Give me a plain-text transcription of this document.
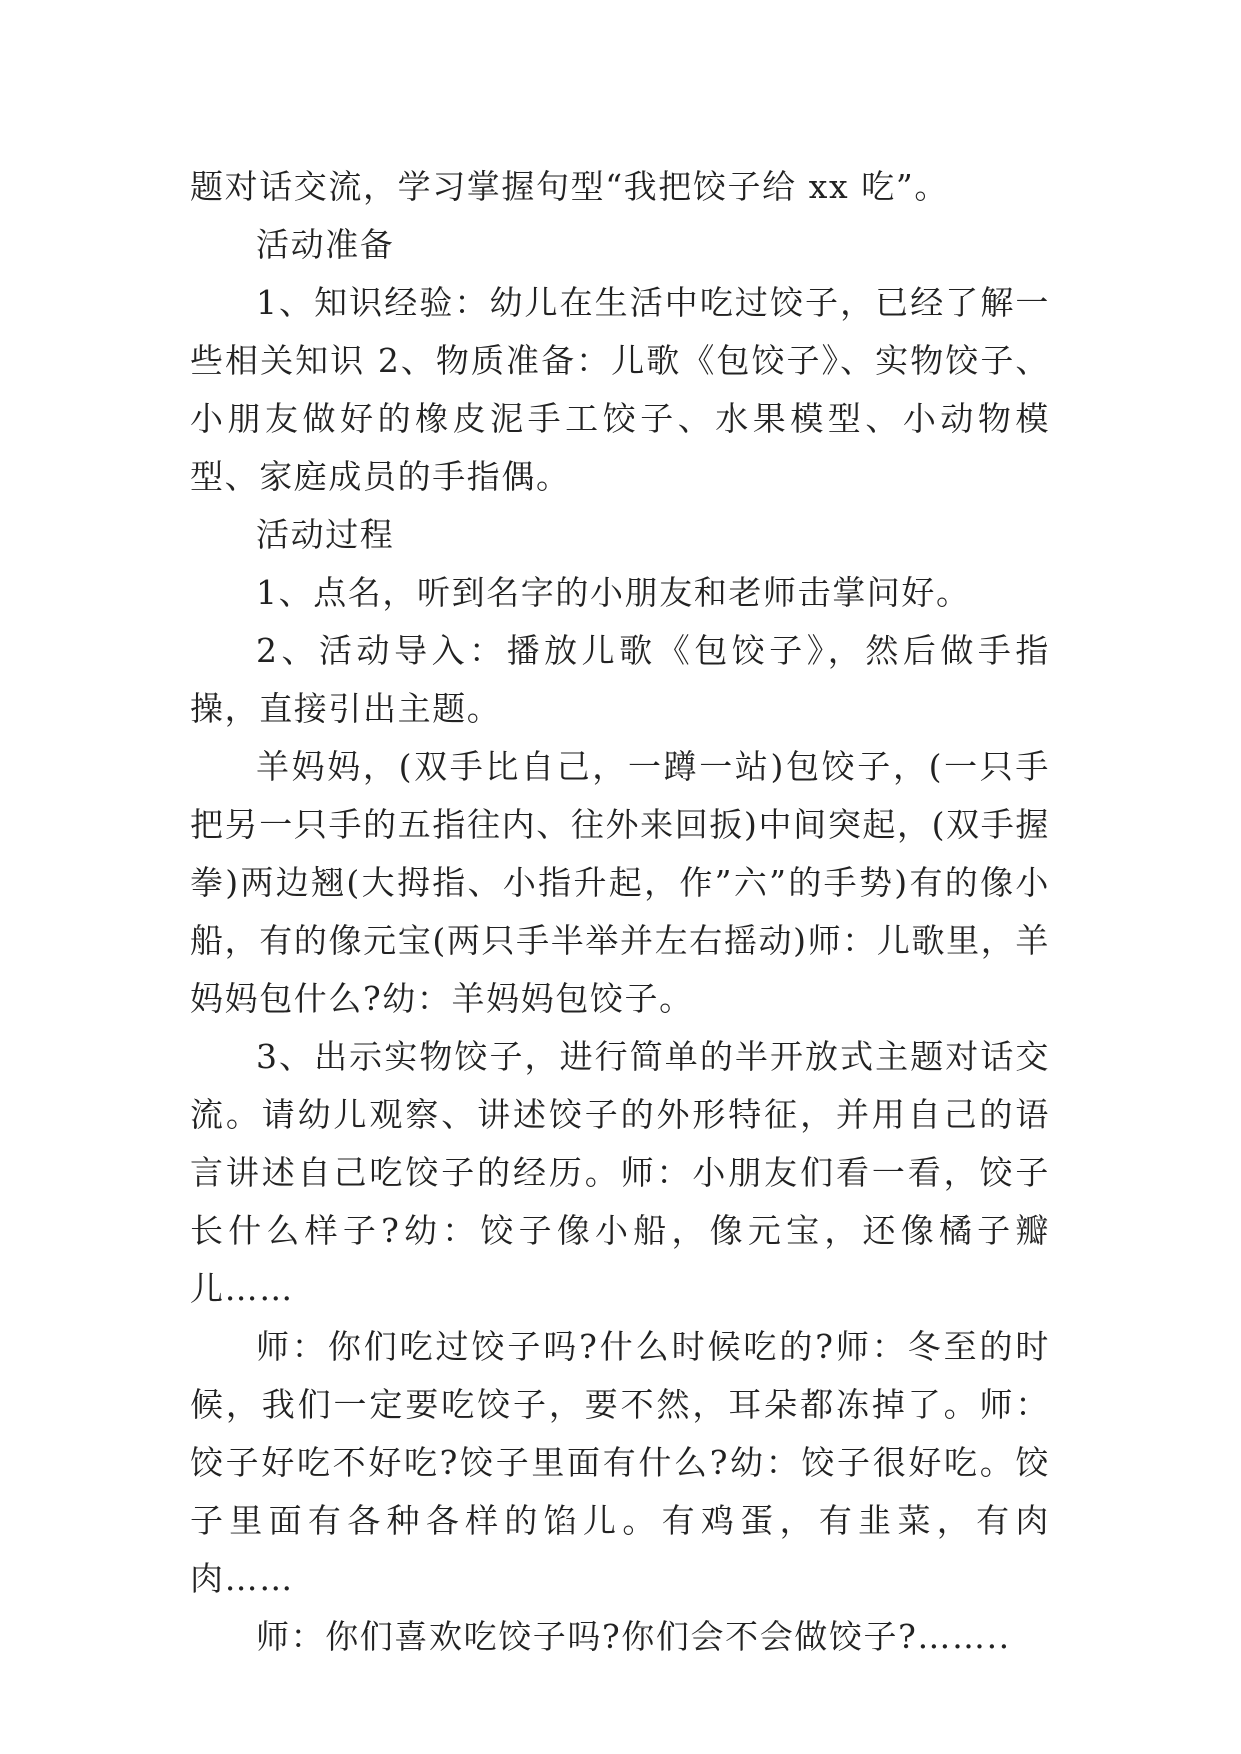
题对话交流，学习掌握句型“我把饺子给 xx 吃”。

活动准备

1、知识经验：幼儿在生活中吃过饺子，已经了解一些相关知识 2、物质准备：儿歌《包饺子》、实物饺子、小朋友做好的橡皮泥手工饺子、水果模型、小动物模型、家庭成员的手指偶。

活动过程

1、点名，听到名字的小朋友和老师击掌问好。

2、活动导入：播放儿歌《包饺子》，然后做手指操，直接引出主题。

羊妈妈，(双手比自己，一蹲一站)包饺子，(一只手把另一只手的五指往内、往外来回扳)中间突起，(双手握拳)两边翘(大拇指、小指升起，作”六”的手势)有的像小船，有的像元宝(两只手半举并左右摇动)师：儿歌里，羊妈妈包什么?幼：羊妈妈包饺子。

3、出示实物饺子，进行简单的半开放式主题对话交流。请幼儿观察、讲述饺子的外形特征，并用自己的语言讲述自己吃饺子的经历。师：小朋友们看一看，饺子长什么样子?幼：饺子像小船，像元宝，还像橘子瓣儿……

师：你们吃过饺子吗?什么时候吃的?师：冬至的时候，我们一定要吃饺子，要不然，耳朵都冻掉了。师：饺子好吃不好吃?饺子里面有什么?幼：饺子很好吃。饺子里面有各种各样的馅儿。有鸡蛋，有韭菜，有肉肉……

师：你们喜欢吃饺子吗?你们会不会做饺子?……..
